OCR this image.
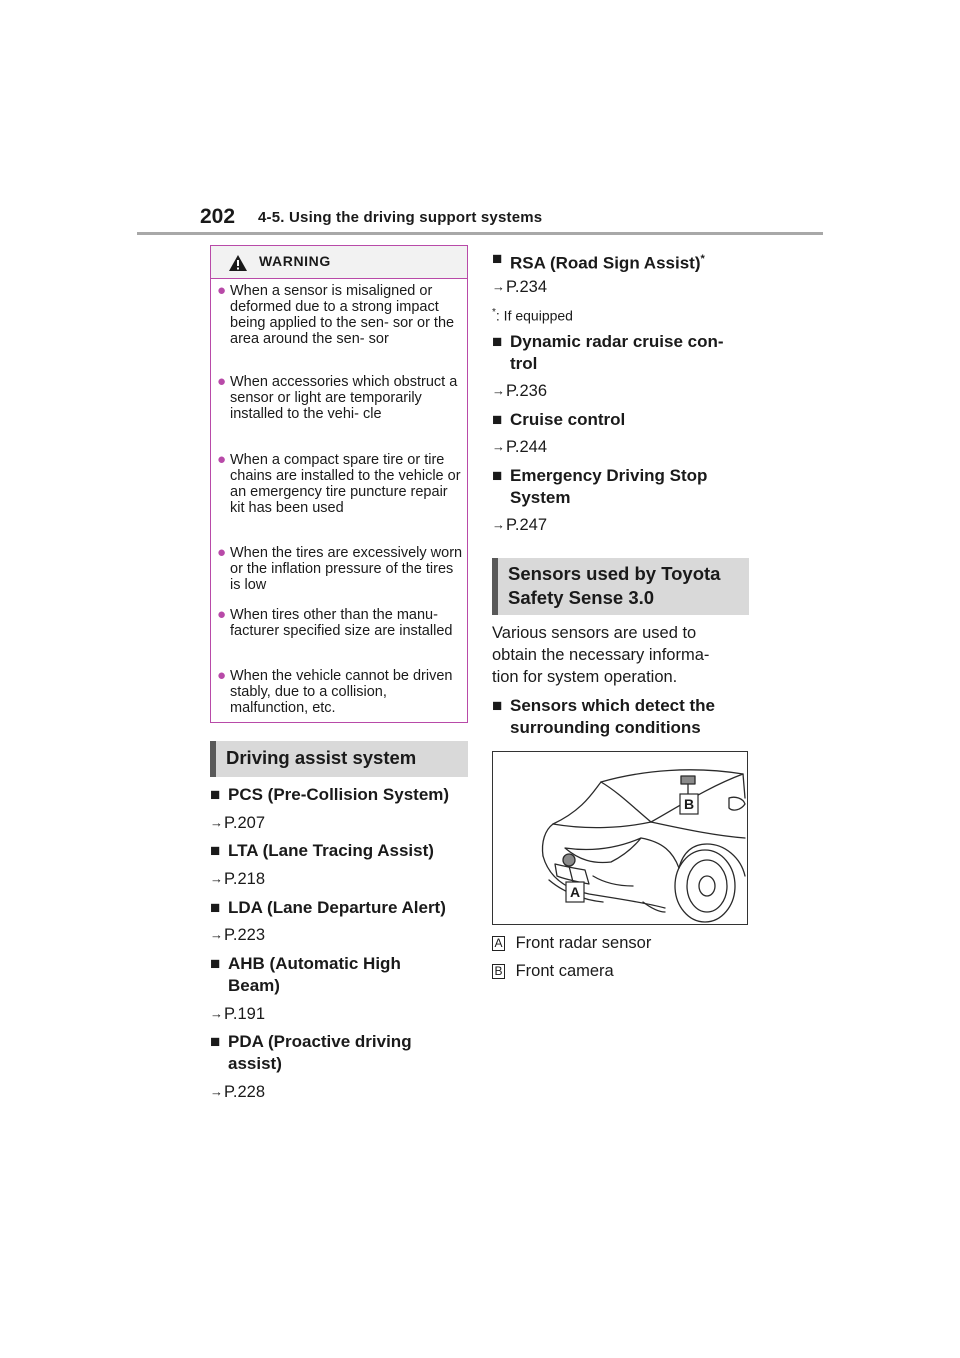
202 4-5. Using the driving support systems
WARNING
● When a sensor is misaligned or deformed due to a strong impact being applied to the sen- sor or the area around the sen- sor
● When accessories which obstruct a sensor or light are temporarily installed to the vehi- cle
● When a compact spare tire or tire chains are installed to the vehicle or an emergency tire puncture repair kit has been used
● When the tires are excessively worn or the inflation pressure of the tires is low
● When tires other than the manu- facturer specified size are installed
● When the vehicle cannot be driven stably, due to a collision, malfunction, etc.
Driving assist system
■ PCS (Pre-Collision System)
→P.207
■ LTA (Lane Tracing Assist)
→P.218
■ LDA (Lane Departure Alert)
→P.223
■ AHB (Automatic High
Beam)
→P.191
■ PDA (Proactive driving
assist)
→P.228
■ RSA (Road Sign Assist)*
→P.234
*: If equipped
■ Dynamic radar cruise con-
trol
→P.236
■ Cruise control
→P.244
■ Emergency Driving Stop
System
→P.247
Sensors used by Toyota
Safety Sense 3.0
Various sensors are used to
obtain the necessary informa-
tion for system operation.
■ Sensors which detect the
surrounding conditions
B
A
A Front radar sensor
B Front camera
